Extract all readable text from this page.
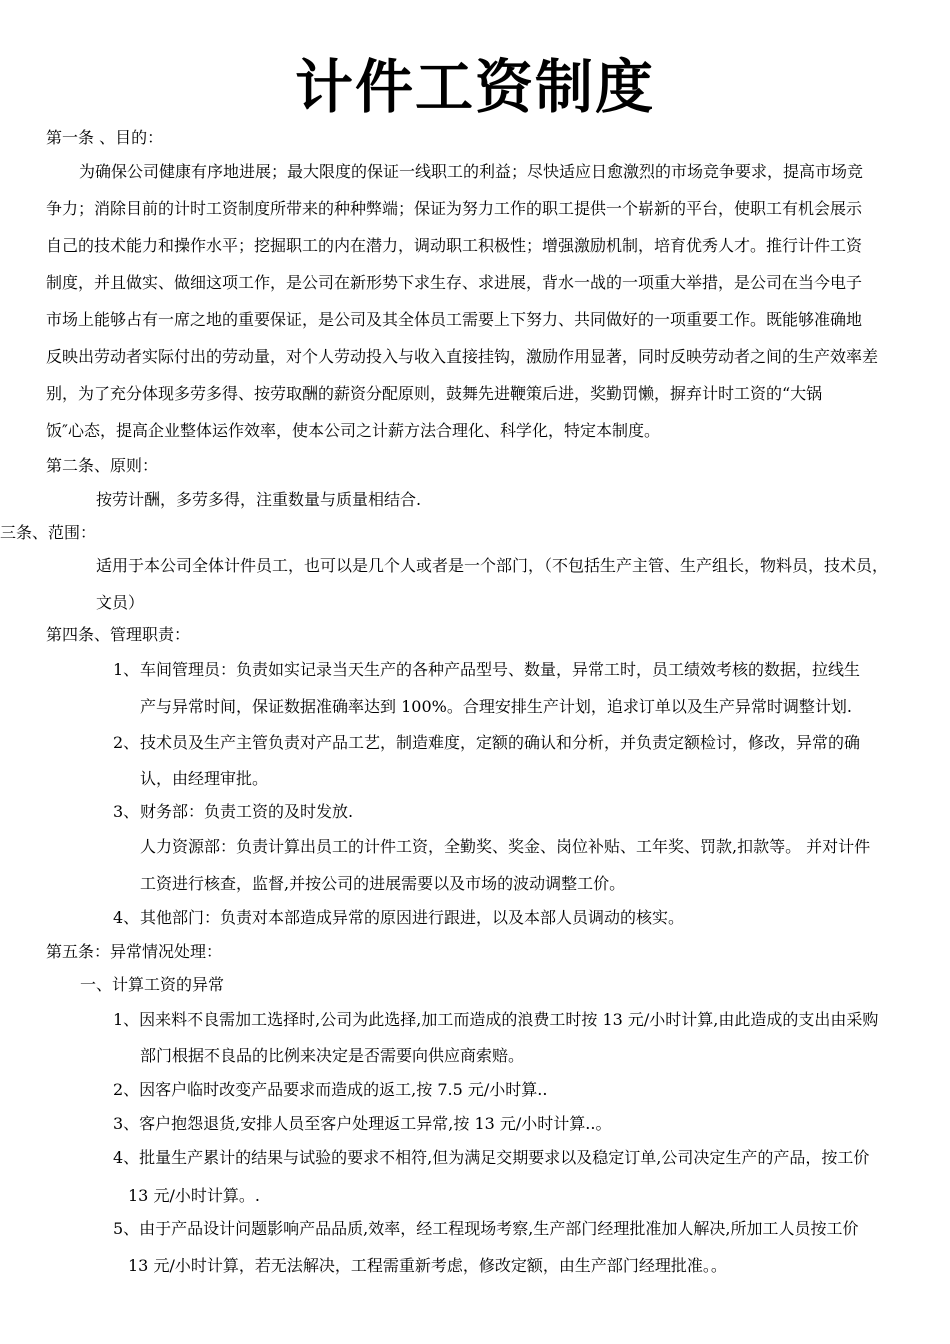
计件工资制度
第一条 、目的：
为确保公司健康有序地进展；最大限度的保证一线职工的利益；尽快适应日愈激烈的市场竞争要求，提高市场竞
争力；消除目前的计时工资制度所带来的种种弊端；保证为努力工作的职工提供一个崭新的平台，使职工有机会展示
自己的技术能力和操作水平；挖掘职工的内在潜力，调动职工积极性；增强激励机制，培育优秀人才。推行计件工资
制度，并且做实、做细这项工作，是公司在新形势下求生存、求进展，背水一战的一项重大举措，是公司在当今电子
市场上能够占有一席之地的重要保证，是公司及其全体员工需要上下努力、共同做好的一项重要工作。既能够准确地
反映出劳动者实际付出的劳动量，对个人劳动投入与收入直接挂钩，激励作用显著，同时反映劳动者之间的生产效率差
别，为了充分体现多劳多得、按劳取酬的薪资分配原则，鼓舞先进鞭策后进，奖勤罚懒，摒弃计时工资的“大锅
饭″心态，提高企业整体运作效率，使本公司之计薪方法合理化、科学化，特定本制度。
第二条、原则：
按劳计酬，多劳多得，注重数量与质量相结合.
三条、范围：
适用于本公司全体计件员工，也可以是几个人或者是一个部门，（不包括生产主管、生产组长，物料员，技术员，
文员）
第四条、管理职责：
1、 车间管理员：负责如实记录当天生产的各种产品型号、数量，异常工时，员工绩效考核的数据，拉线生
产与异常时间，保证数据准确率达到 100%。合理安排生产计划，追求订单以及生产异常时调整计划.
2、 技术员及生产主管负责对产品工艺，制造难度，定额的确认和分析，并负责定额检讨，修改，异常的确
认，由经理审批。
3、 财务部：负责工资的及时发放.
人力资源部：负责计算出员工的计件工资，全勤奖、奖金、岗位补贴、工年奖、罚款,扣款等。 并对计件
工资进行核查，监督,并按公司的进展需要以及市场的波动调整工价。
4、 其他部门：负责对本部造成异常的原因进行跟进，以及本部人员调动的核实。
第五条：异常情况处理：
一、计算工资的异常
1、因来料不良需加工选择时,公司为此选择,加工而造成的浪费工时按 13 元/小时计算,由此造成的支出由采购
部门根据不良品的比例来决定是否需要向供应商索赔。
2、因客户临时改变产品要求而造成的返工,按 7.5 元/小时算..
3、客户抱怨退货,安排人员至客户处理返工异常,按 13 元/小时计算..。
4、批量生产累计的结果与试验的要求不相符,但为满足交期要求以及稳定订单,公司决定生产的产品，按工价
13 元/小时计算。.
5、由于产品设计问题影响产品品质,效率，经工程现场考察,生产部门经理批准加人解决,所加工人员按工价
13 元/小时计算，若无法解决，工程需重新考虑，修改定额，由生产部门经理批准。。
